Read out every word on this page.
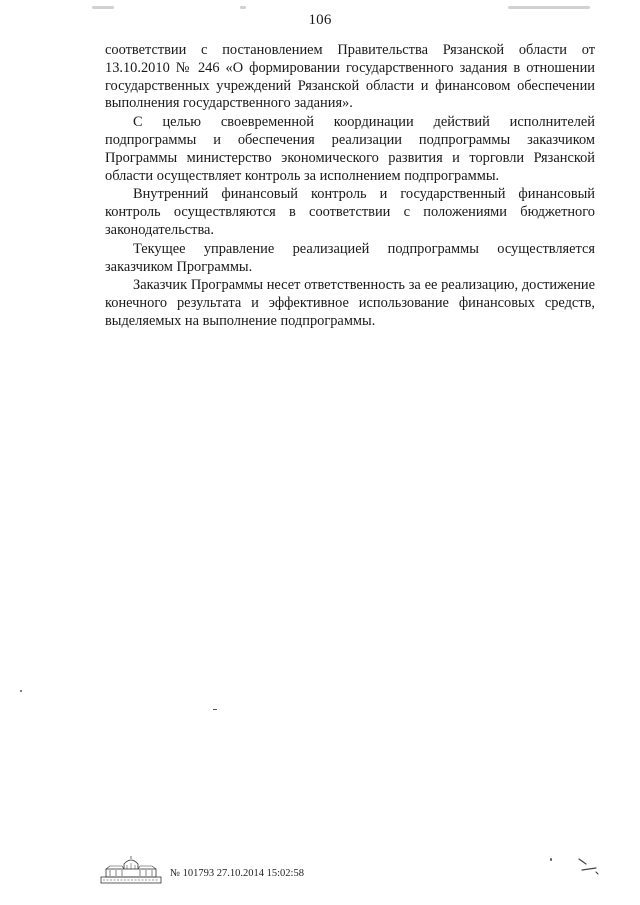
106

соответствии с постановлением Правительства Рязанской области от 13.10.2010 № 246 «О формировании государственного задания в отношении государственных учреждений Рязанской области и финансовом обеспечении выполнения государственного задания».

С целью своевременной координации действий исполнителей подпрограммы и обеспечения реализации подпрограммы заказчиком Программы министерство экономического развития и торговли Рязанской области осуществляет контроль за исполнением подпрограммы.

Внутренний финансовый контроль и государственный финансовый контроль осуществляются в соответствии с положениями бюджетного законодательства.

Текущее управление реализацией подпрограммы осуществляется заказчиком Программы.

Заказчик Программы несет ответственность за ее реализацию, достижение конечного результата и эффективное использование финансовых средств, выделяемых на выполнение подпрограммы.

№ 101793 27.10.2014 15:02:58
